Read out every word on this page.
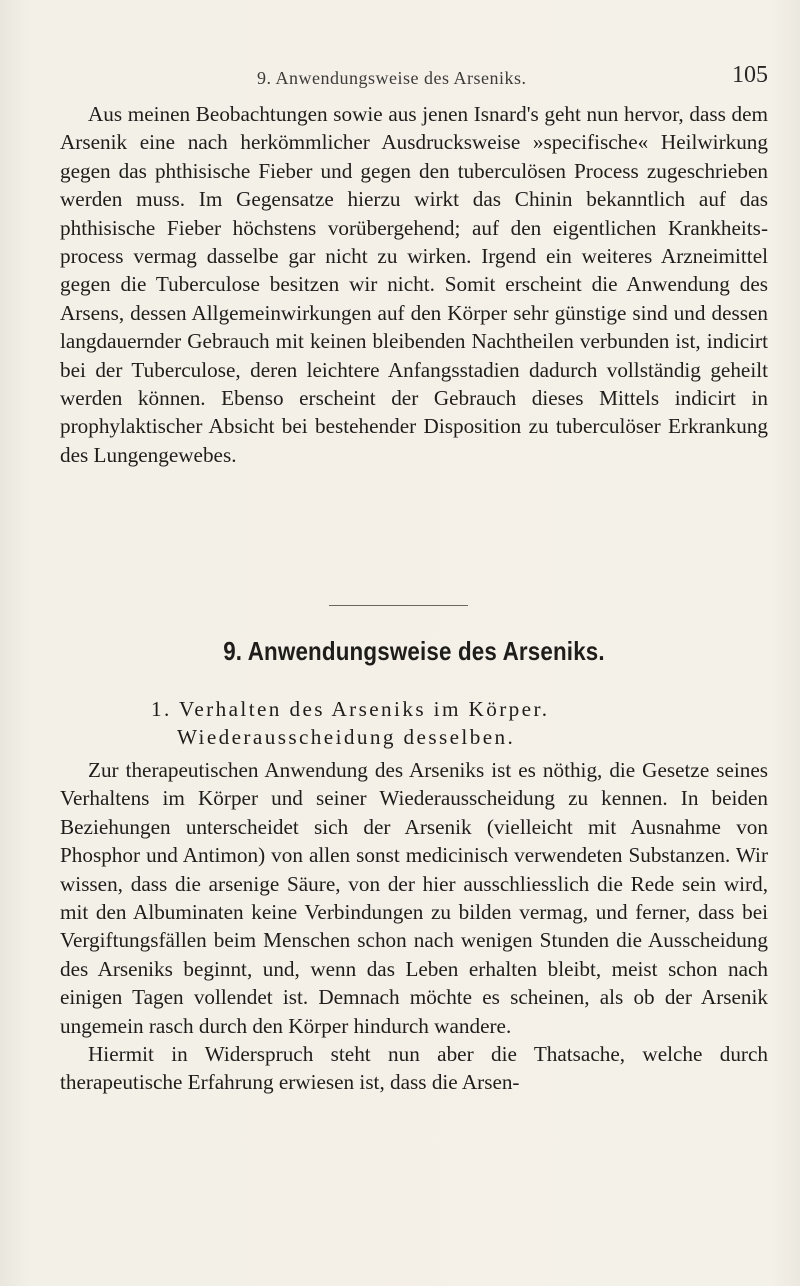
9. Anwendungsweise des Arseniks.	105

Aus meinen Beobachtungen sowie aus jenen Isnard's geht nun hervor, dass dem Arsenik eine nach herkömmlicher Ausdrucksweise »specifische« Heilwirkung gegen das phthisische Fieber und gegen den tuberculösen Process zugeschrieben werden muss. Im Gegensatze hierzu wirkt das Chinin bekanntlich auf das phthisische Fieber höchstens vorübergehend; auf den eigentlichen Krankheitsprocess vermag dasselbe gar nicht zu wirken. Irgend ein weiteres Arzneimittel gegen die Tuberculose besitzen wir nicht. Somit erscheint die Anwendung des Arsens, dessen Allgemeinwirkungen auf den Körper sehr günstige sind und dessen langdauernder Gebrauch mit keinen bleibenden Nachtheilen verbunden ist, indicirt bei der Tuberculose, deren leichtere Anfangsstadien dadurch vollständig geheilt werden können. Ebenso erscheint der Gebrauch dieses Mittels indicirt in prophylaktischer Absicht bei bestehender Disposition zu tuberculöser Erkrankung des Lungengewebes.

9. Anwendungsweise des Arseniks.
1. Verhalten des Arseniks im Körper.
Wiederausscheidung desselben.

Zur therapeutischen Anwendung des Arseniks ist es nöthig, die Gesetze seines Verhaltens im Körper und seiner Wiederausscheidung zu kennen. In beiden Beziehungen unterscheidet sich der Arsenik (vielleicht mit Ausnahme von Phosphor und Antimon) von allen sonst medicinisch verwendeten Substanzen. Wir wissen, dass die arsenige Säure, von der hier ausschliesslich die Rede sein wird, mit den Albuminaten keine Verbindungen zu bilden vermag, und ferner, dass bei Vergiftungsfällen beim Menschen schon nach wenigen Stunden die Ausscheidung des Arseniks beginnt, und, wenn das Leben erhalten bleibt, meist schon nach einigen Tagen vollendet ist. Demnach möchte es scheinen, als ob der Arsenik ungemein rasch durch den Körper hindurch wandere.

Hiermit in Widerspruch steht nun aber die Thatsache, welche durch therapeutische Erfahrung erwiesen ist, dass die Arsen-
